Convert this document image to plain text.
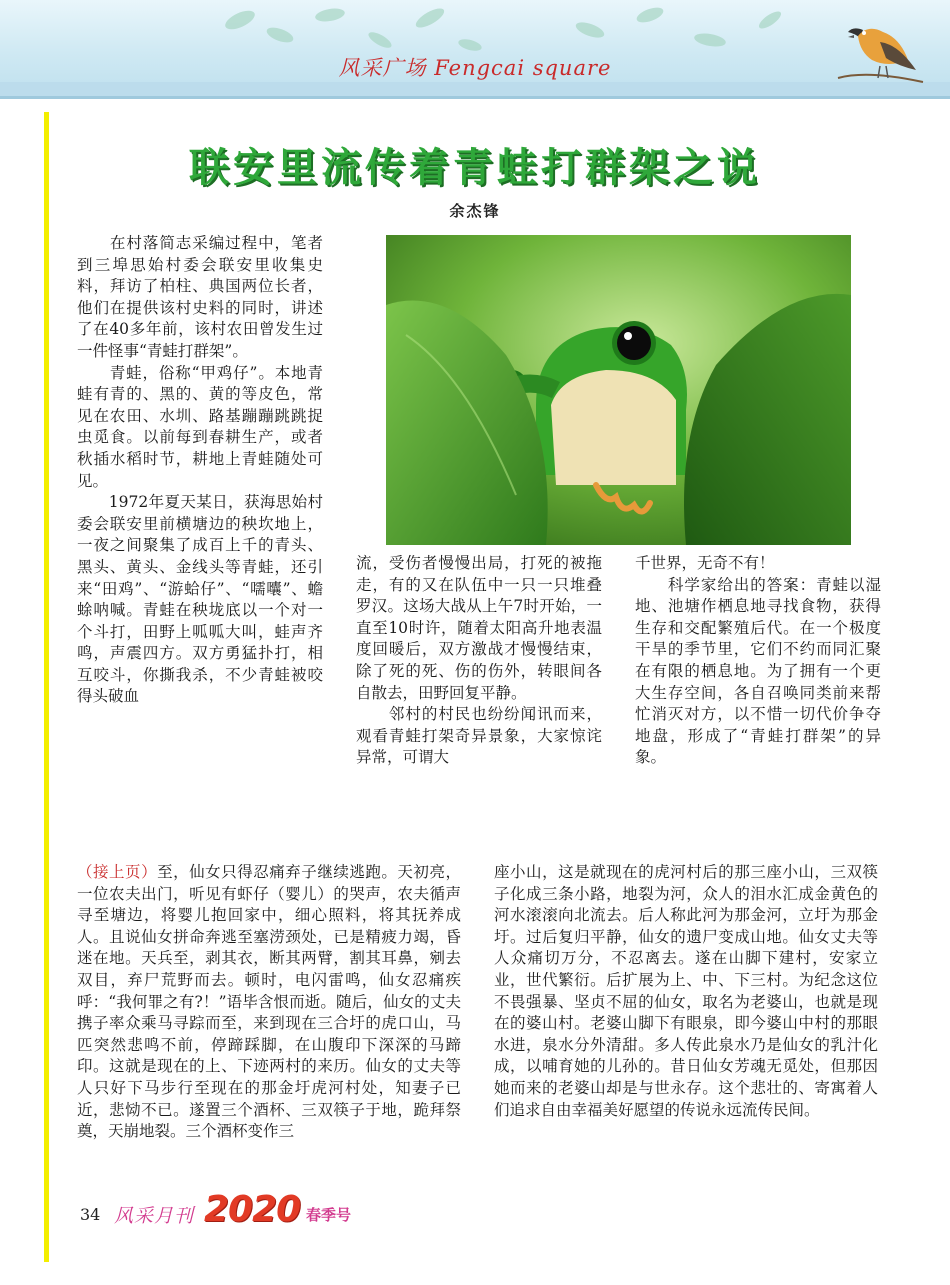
风采广场 Fengcai square
联安里流传着青蛙打群架之说
余杰锋

　　在村落简志采编过程中，笔者到三埠思始村委会联安里收集史料，拜访了柏柱、典国两位长者，他们在提供该村史料的同时，讲述了在40多年前，该村农田曾发生过一件怪事“青蛙打群架”。
　　青蛙，俗称“甲鸡仔”。本地青蛙有青的、黑的、黄的等皮色，常见在农田、水圳、路基蹦蹦跳跳捉虫觅食。以前每到春耕生产，或者秋插水稻时节，耕地上青蛙随处可见。
　　1972年夏天某日，获海思始村委会联安里前横塘边的秧坎地上，一夜之间聚集了成百上千的青头、黑头、黄头、金线头等青蛙，还引来“田鸡”、“游蛤仔”、“嚅囔”、蟾蜍呐喊。青蛙在秧垅底以一个对一个斗打，田野上呱呱大叫，蛙声齐鸣，声震四方。双方勇猛扑打，相互咬斗，你撕我杀，不少青蛙被咬得头破血

流，受伤者慢慢出局，打死的被拖走，有的又在队伍中一只一只堆叠罗汉。这场大战从上午7时开始，一直至10时许，随着太阳高升地表温度回暖后，双方激战才慢慢结束，除了死的死、伤的伤外，转眼间各自散去，田野回复平静。
　　邻村的村民也纷纷闻讯而来，观看青蛙打架奇异景象，大家惊诧异常，可谓大

千世界，无奇不有！
　　科学家给出的答案：青蛙以湿地、池塘作栖息地寻找食物，获得生存和交配繁殖后代。在一个极度干旱的季节里，它们不约而同汇聚在有限的栖息地。为了拥有一个更大生存空间，各自召唤同类前来帮忙消灭对方，以不惜一切代价争夺地盘，形成了“青蛙打群架”的异象。

（接上页）至，仙女只得忍痛弃子继续逃跑。天初亮，一位农夫出门，听见有虾仔（婴儿）的哭声，农夫循声寻至塘边，将婴儿抱回家中，细心照料，将其抚养成人。且说仙女拼命奔逃至塞涝颈处，已是精疲力竭，昏迷在地。天兵至，剥其衣，断其两臂，割其耳鼻，剜去双目，弃尸荒野而去。顿时，电闪雷鸣，仙女忍痛疾呼：“我何罪之有?！”语毕含恨而逝。随后，仙女的丈夫携子率众乘马寻踪而至，来到现在三合圩的虎口山，马匹突然悲鸣不前，停蹄踩脚，在山腹印下深深的马蹄印。这就是现在的上、下迹两村的来历。仙女的丈夫等人只好下马步行至现在的那金圩虎河村处，知妻子已近，悲恸不已。遂置三个酒杯、三双筷子于地，跪拜祭奠，天崩地裂。三个酒杯变作三

座小山，这是就现在的虎河村后的那三座小山，三双筷子化成三条小路，地裂为河，众人的泪水汇成金黄色的河水滚滚向北流去。后人称此河为那金河，立圩为那金圩。过后复归平静，仙女的遗尸变成山地。仙女丈夫等人众痛切万分，不忍离去。遂在山脚下建村，安家立业，世代繁衍。后扩展为上、中、下三村。为纪念这位不畏强暴、坚贞不屈的仙女，取名为老婆山，也就是现在的婆山村。老婆山脚下有眼泉，即今婆山中村的那眼水进，泉水分外清甜。多人传此泉水乃是仙女的乳汁化成，以哺育她的儿孙的。昔日仙女芳魂无觅处，但那因她而来的老婆山却是与世永存。这个悲壮的、寄寓着人们追求自由幸福美好愿望的传说永远流传民间。

34 风采月刊 2020 春季号
